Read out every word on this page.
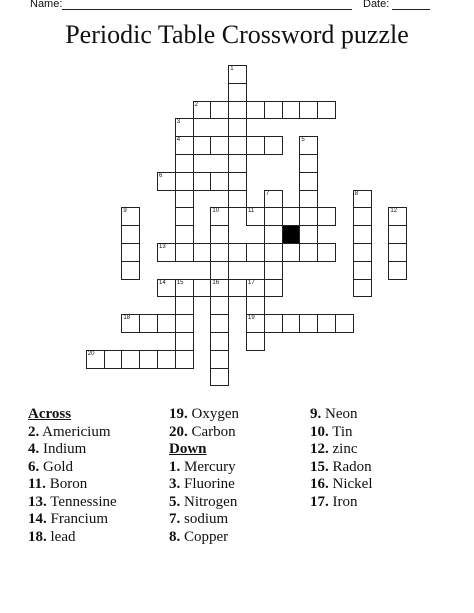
Name:	Date:
Periodic Table Crossword puzzle
1
2
3
4	5
6
7	8
9	10	11	12
13
14 15	16	17
18	19
20
Across
2. Americium
4. Indium
6. Gold
11. Boron
13. Tennessine
14. Francium
18. lead
19. Oxygen
20. Carbon
Down
1. Mercury
3. Fluorine
5. Nitrogen
7. sodium
8. Copper
9. Neon
10. Tin
12. zinc
15. Radon
16. Nickel
17. Iron
